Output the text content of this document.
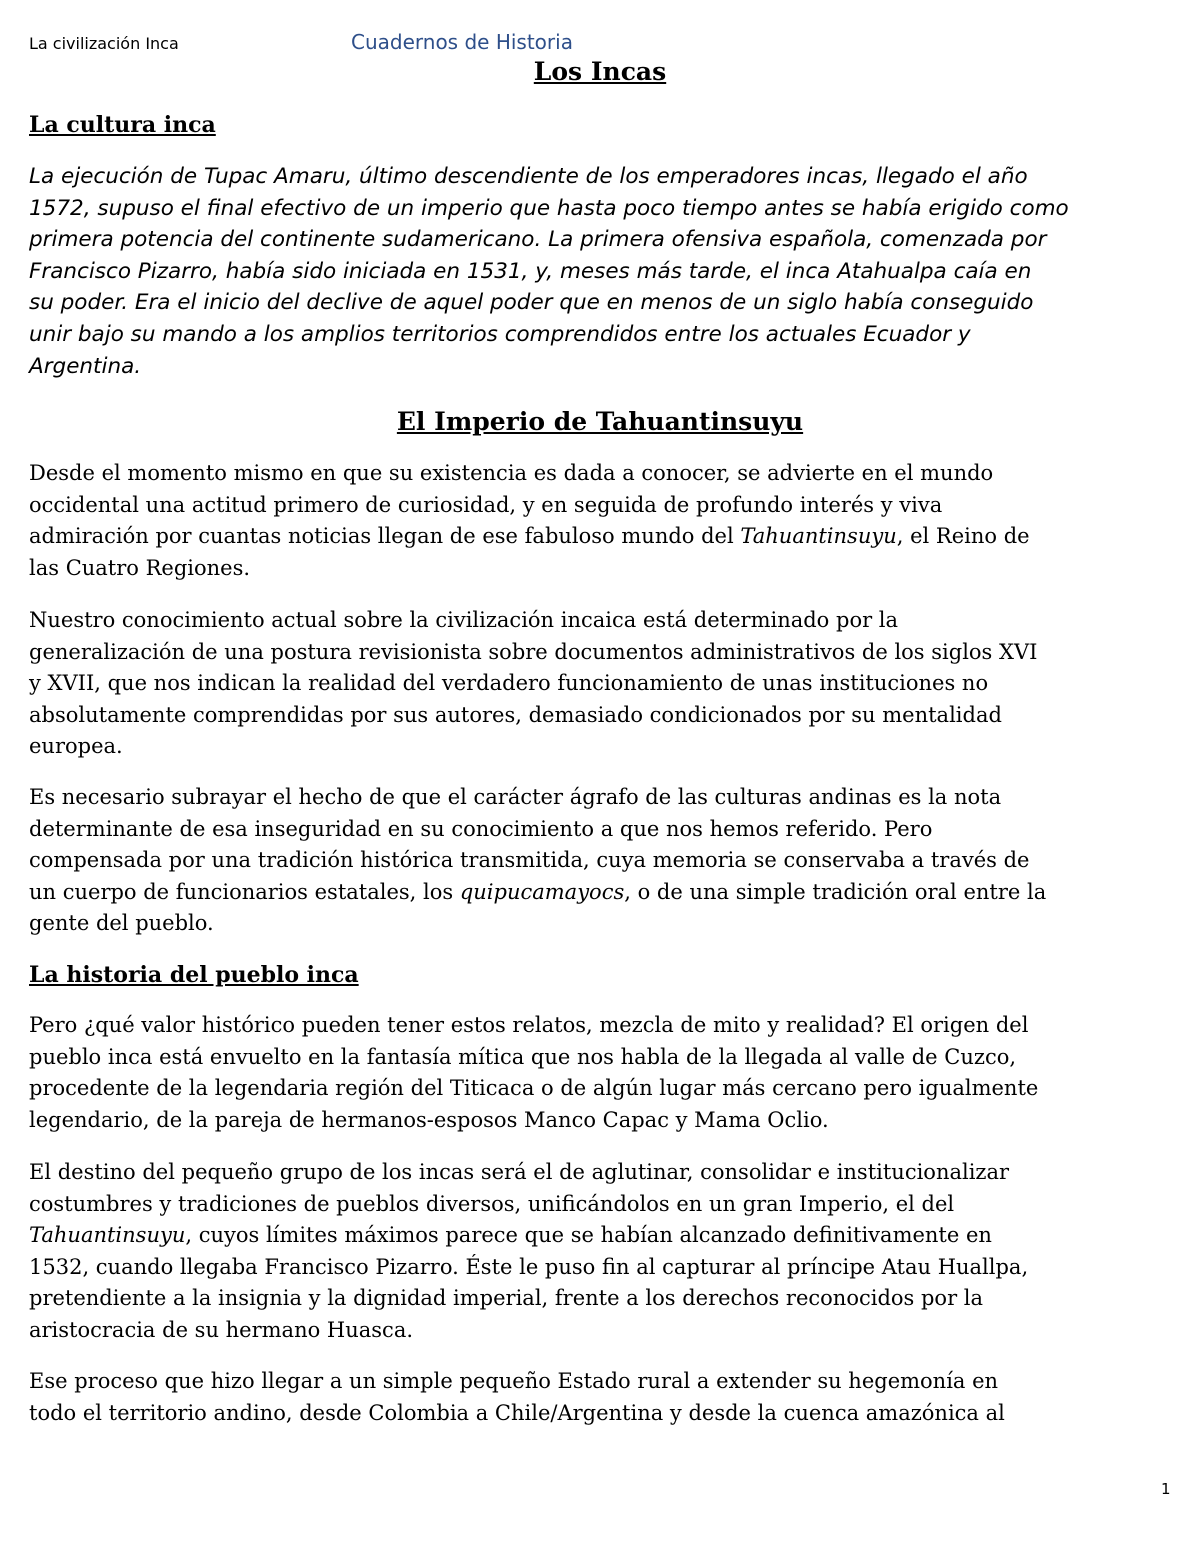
La civilización Inca	Cuadernos de Historia
Los Incas
La cultura inca
La ejecución de Tupac Amaru, último descendiente de los emperadores incas, llegado el año
1572, supuso el final efectivo de un imperio que hasta poco tiempo antes se había erigido como
primera potencia del continente sudamericano. La primera ofensiva española, comenzada por
Francisco Pizarro, había sido iniciada en 1531, y, meses más tarde, el inca Atahualpa caía en
su poder. Era el inicio del declive de aquel poder que en menos de un siglo había conseguido
unir bajo su mando a los amplios territorios comprendidos entre los actuales Ecuador y
Argentina.
El Imperio de Tahuantinsuyu
Desde el momento mismo en que su existencia es dada a conocer, se advierte en el mundo
occidental una actitud primero de curiosidad, y en seguida de profundo interés y viva
admiración por cuantas noticias llegan de ese fabuloso mundo del Tahuantinsuyu, el Reino de
las Cuatro Regiones.
Nuestro conocimiento actual sobre la civilización incaica está determinado por la
generalización de una postura revisionista sobre documentos administrativos de los siglos XVI
y XVII, que nos indican la realidad del verdadero funcionamiento de unas instituciones no
absolutamente comprendidas por sus autores, demasiado condicionados por su mentalidad
europea.
Es necesario subrayar el hecho de que el carácter ágrafo de las culturas andinas es la nota
determinante de esa inseguridad en su conocimiento a que nos hemos referido. Pero
compensada por una tradición histórica transmitida, cuya memoria se conservaba a través de
un cuerpo de funcionarios estatales, los quipucamayocs, o de una simple tradición oral entre la
gente del pueblo.
La historia del pueblo inca
Pero ¿qué valor histórico pueden tener estos relatos, mezcla de mito y realidad? El origen del
pueblo inca está envuelto en la fantasía mítica que nos habla de la llegada al valle de Cuzco,
procedente de la legendaria región del Titicaca o de algún lugar más cercano pero igualmente
legendario, de la pareja de hermanos-esposos Manco Capac y Mama Oclio.
El destino del pequeño grupo de los incas será el de aglutinar, consolidar e institucionalizar
costumbres y tradiciones de pueblos diversos, unificándolos en un gran Imperio, el del
Tahuantinsuyu, cuyos límites máximos parece que se habían alcanzado definitivamente en
1532, cuando llegaba Francisco Pizarro. Éste le puso fin al capturar al príncipe Atau Huallpa,
pretendiente a la insignia y la dignidad imperial, frente a los derechos reconocidos por la
aristocracia de su hermano Huasca.
Ese proceso que hizo llegar a un simple pequeño Estado rural a extender su hegemonía en
todo el territorio andino, desde Colombia a Chile/Argentina y desde la cuenca amazónica al
1
